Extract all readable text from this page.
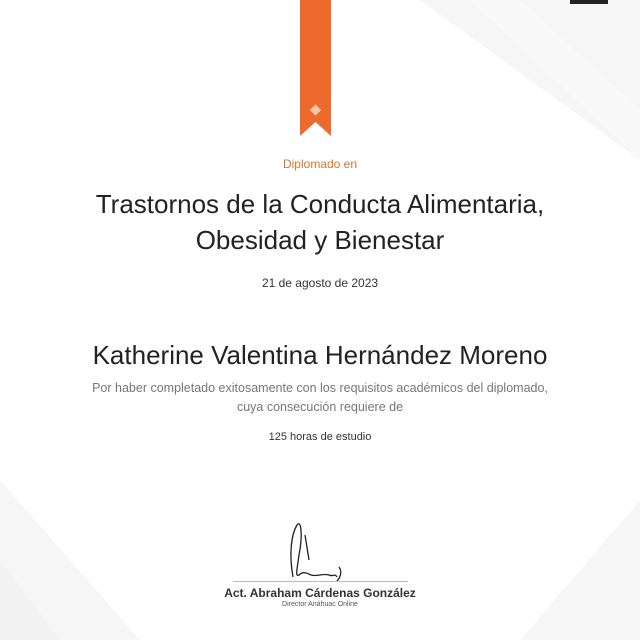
Diplomado en
Trastornos de la Conducta Alimentaria,
Obesidad y Bienestar
21 de agosto de 2023
Katherine Valentina Hernández Moreno
Por haber completado exitosamente con los requisitos académicos del diplomado,
cuya consecución requiere de
125 horas de estudio
Act. Abraham Cárdenas González
Director Anáhuac Online
